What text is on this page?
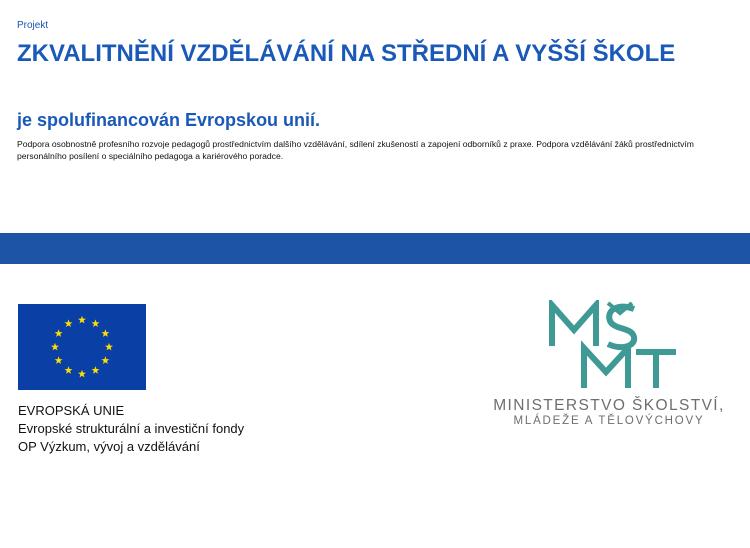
Projekt
ZKVALITNĚNÍ VZDĚLÁVÁNÍ NA STŘEDNÍ A VYŠŠÍ ŠKOLE
je spolufinancován Evropskou unií.

Podpora osobnostně profesního rozvoje pedagogů prostřednictvím dalšího vzdělávání, sdílení zkušeností a zapojení odborníků z praxe. Podpora vzdělávání žáků prostřednictvím personálního posílení o speciálního pedagoga a kariérového poradce.

EVROPSKÁ UNIE
Evropské strukturální a investiční fondy
OP Výzkum, vývoj a vzdělávání
MINISTERSTVO ŠKOLSTVÍ,
MLÁDEŽE A TĚLOVÝCHOVY
